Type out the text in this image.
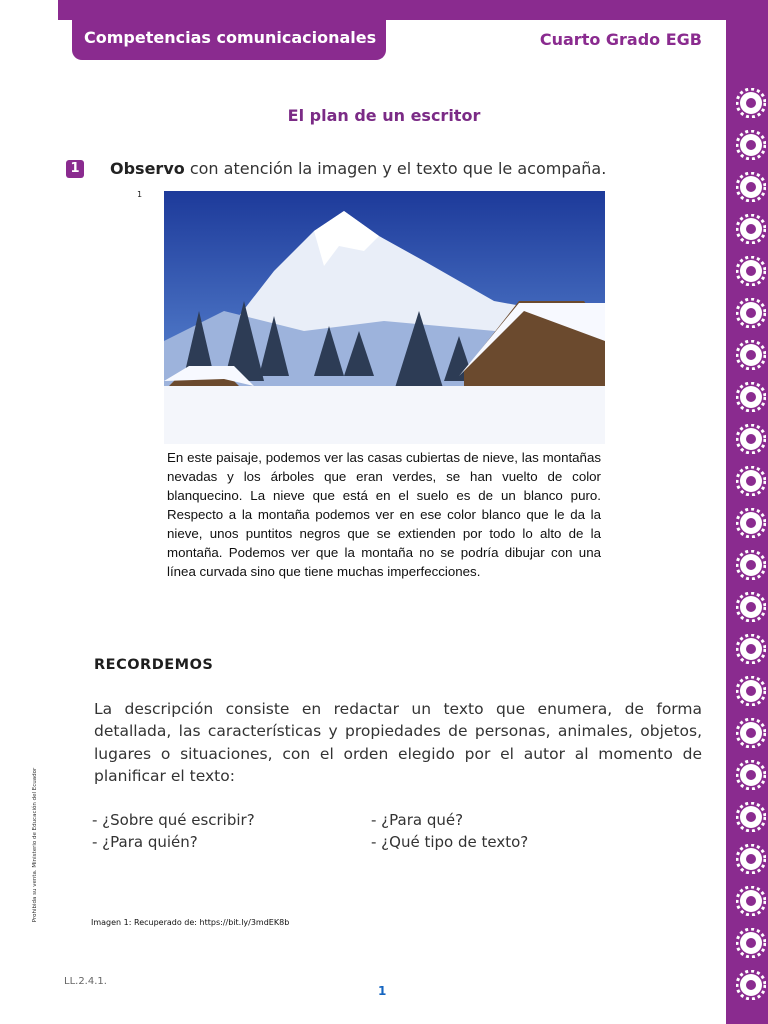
Competencias comunicacionales	Cuarto Grado EGB
El plan de un escritor
1 Observo con atención la imagen y el texto que le acompaña.
1
En este paisaje, podemos ver las casas cubiertas de nieve, las montañas nevadas y los árboles que eran verdes, se han vuelto de color blanquecino. La nieve que está en el suelo es de un blanco puro. Respecto a la montaña podemos ver en ese color blanco que le da la nieve, unos puntitos negros que se extienden por todo lo alto de la montaña. Podemos ver que la montaña no se podría dibujar con una línea curvada sino que tiene muchas imperfecciones.
RECORDEMOS
La descripción consiste en redactar un texto que enumera, de forma detallada, las características y propiedades de personas, animales, objetos, lugares o situaciones, con el orden elegido por el autor al momento de planificar el texto:
- ¿Sobre qué escribir?	- ¿Para qué?
- ¿Para quién?	- ¿Qué tipo de texto?
Imagen 1: Recuperado de: https://bit.ly/3mdEK8b
Prohibida su venta. Ministerio de Educación del Ecuador
LL.2.4.1.
1
